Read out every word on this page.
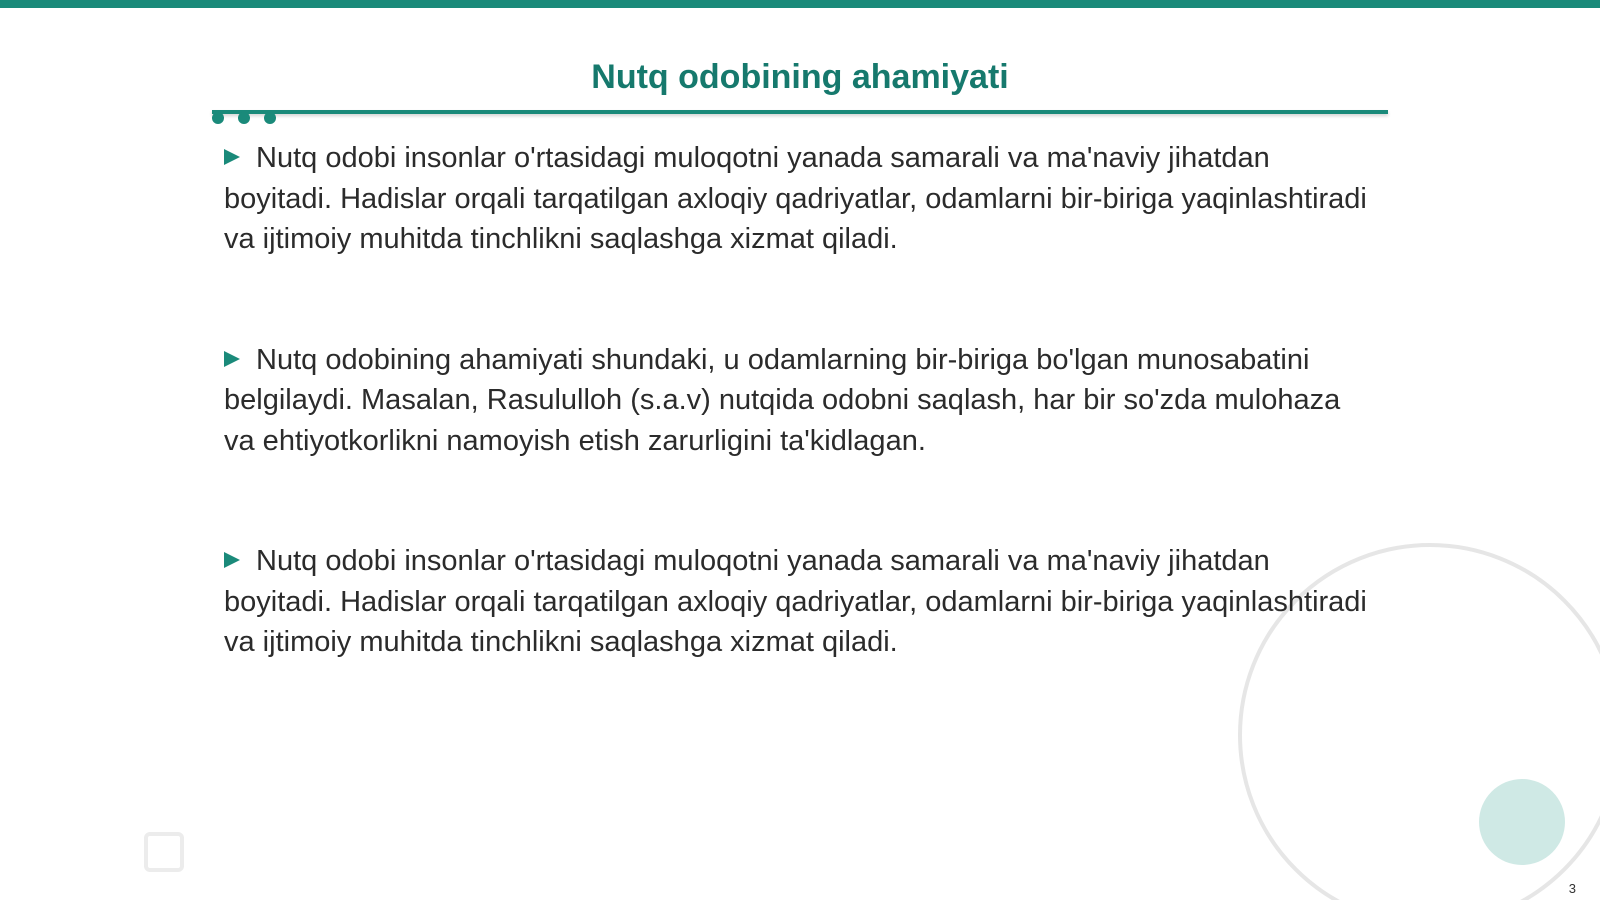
Nutq odobining ahamiyati

Nutq odobi insonlar o'rtasidagi muloqotni yanada samarali va ma'naviy jihatdan boyitadi. Hadislar orqali tarqatilgan axloqiy qadriyatlar, odamlarni bir-biriga yaqinlashtiradi va ijtimoiy muhitda tinchlikni saqlashga xizmat qiladi.

Nutq odobining ahamiyati shundaki, u odamlarning bir-biriga bo'lgan munosabatini belgilaydi. Masalan, Rasululloh (s.a.v) nutqida odobni saqlash, har bir so'zda mulohaza va ehtiyotkorlikni namoyish etish zarurligini ta'kidlagan.

Nutq odobi insonlar o'rtasidagi muloqotni yanada samarali va ma'naviy jihatdan boyitadi. Hadislar orqali tarqatilgan axloqiy qadriyatlar, odamlarni bir-biriga yaqinlashtiradi va ijtimoiy muhitda tinchlikni saqlashga xizmat qiladi.

3
